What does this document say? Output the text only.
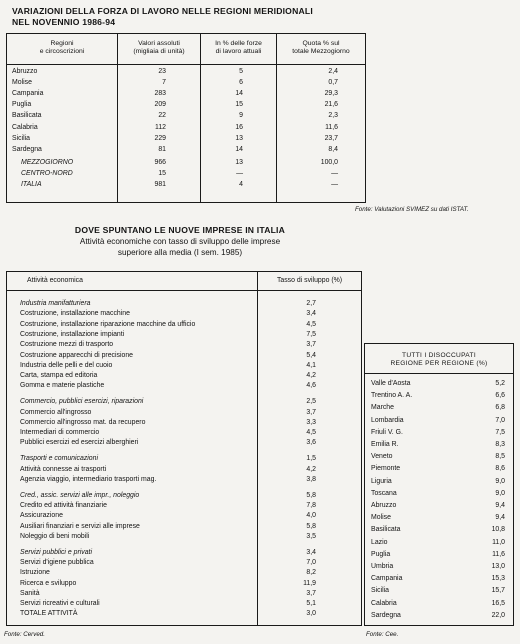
VARIAZIONI DELLA FORZA DI LAVORO NELLE REGIONI MERIDIONALI
NEL NOVENNIO 1986-94
Regioni
e circoscrizioni
Valori assoluti
(migliaia di unità)
In % delle forze
di lavoro attuali
Quota % sul
totale Mezzogiorno
Abruzzo	23	5	2,4
Molise	7	6	0,7
Campania	283	14	29,3
Puglia	209	15	21,6
Basilicata	22	9	2,3
Calabria	112	16	11,6
Sicilia	229	13	23,7
Sardegna	81	14	8,4
MEZZOGIORNO	966	13	100,0
CENTRO-NORD	15	—	—
ITALIA	981	4	—
Fonte: Valutazioni SVIMEZ su dati ISTAT.
DOVE SPUNTANO LE NUOVE IMPRESE IN ITALIA
Attività economiche con tasso di sviluppo delle imprese
superiore alla media (I sem. 1985)
Attività economica	Tasso di sviluppo (%)
Industria manifatturiera	2,7
Costruzione, installazione macchine	3,4
Costruzione, installazione riparazione macchine da ufficio	4,5
Costruzione, installazione impianti	7,5
Costruzione mezzi di trasporto	3,7
Costruzione apparecchi di precisione	5,4
Industria delle pelli e del cuoio	4,1
Carta, stampa ed editoria	4,2
Gomma e materie plastiche	4,6
Commercio, pubblici esercizi, riparazioni	2,5
Commercio all'ingrosso	3,7
Commercio all'ingrosso mat. da recupero	3,3
Intermediari di commercio	4,5
Pubblici esercizi ed esercizi alberghieri	3,6
Trasporti e comunicazioni	1,5
Attività connesse ai trasporti	4,2
Agenzia viaggio, intermediario trasporti mag.	3,8
Cred., assic. servizi alle impr., noleggio	5,8
Credito ed attività finanziarie	7,8
Assicurazione	4,0
Ausiliari finanziari e servizi alle imprese	5,8
Noleggio di beni mobili	3,5
Servizi pubblici e privati	3,4
Servizi d'igiene pubblica	7,0
Istruzione	8,2
Ricerca e sviluppo	11,9
Sanità	3,7
Servizi ricreativi e culturali	5,1
TOTALE ATTIVITÀ	3,0
Fonte: Cerved.
TUTTI I DISOCCUPATI
REGIONE PER REGIONE (%)
Valle d'Aosta	5,2
Trentino A. A.	6,6
Marche	6,8
Lombardia	7,0
Friuli V. G.	7,5
Emilia R.	8,3
Veneto	8,5
Piemonte	8,6
Liguria	9,0
Toscana	9,0
Abruzzo	9,4
Molise	9,4
Basilicata	10,8
Lazio	11,0
Puglia	11,6
Umbria	13,0
Campania	15,3
Sicilia	15,7
Calabria	16,5
Sardegna	22,0
Fonte: Cee.
